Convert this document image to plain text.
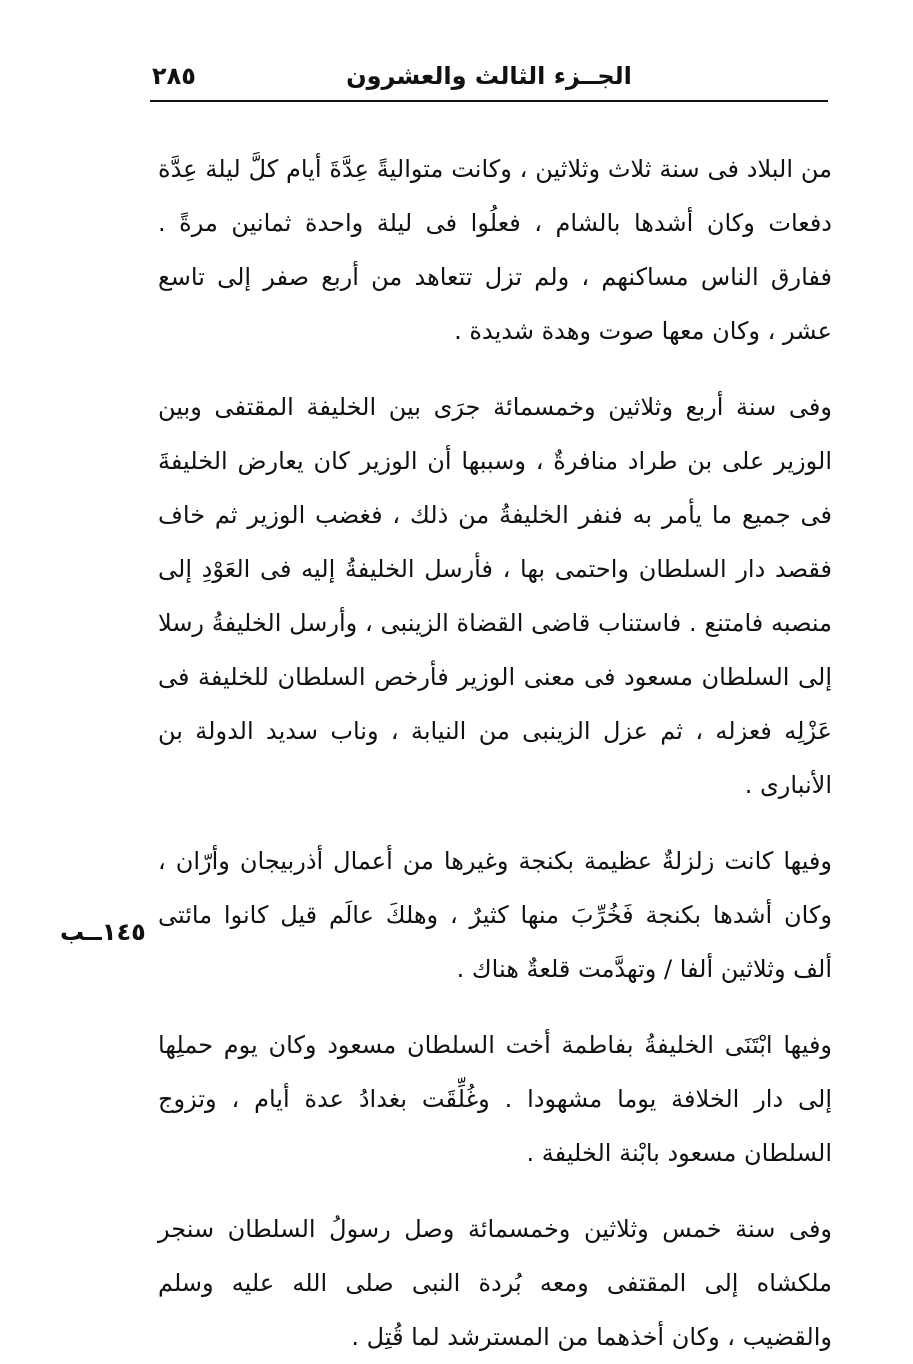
الجــزء الثالث والعشرون
٢٨٥

من البلاد فى سنة ثلاث وثلاثين ، وكانت متواليةً عِدَّةَ أيام كلَّ ليلة عِدَّة دفعات وكان أشدها بالشام ، فعلُوا فى ليلة واحدة ثمانين مرةً . ففارق الناس مساكنهم ، ولم تزل تتعاهد من أربع صفر إلى تاسع عشر ، وكان معها صوت وهدة شديدة .

وفى سنة أربع وثلاثين وخمسمائة جرَى بين الخليفة المقتفى وبين الوزير على بن طراد منافرةٌ ، وسببها أن الوزير كان يعارض الخليفةَ فى جميع ما يأمر به فنفر الخليفةُ من ذلك ، فغضب الوزير ثم خاف فقصد دار السلطان واحتمى بها ، فأرسل الخليفةُ إليه فى العَوْدِ إلى منصبه فامتنع . فاستناب قاضى القضاة الزينبى ، وأرسل الخليفةُ رسلا إلى السلطان مسعود فى معنى الوزير فأرخص السلطان للخليفة فى عَزْلِه فعزله ، ثم عزل الزينبى من النيابة ، وناب سديد الدولة بن الأنبارى .

وفيها كانت زلزلةٌ عظيمة بكنجة وغيرها من أعمال أذربيجان وأرّان ، وكان أشدها بكنجة فَخُرِّبَ منها كثيرٌ ، وهلكَ عالَم قيل كانوا مائتى ألف وثلاثين ألفا / وتهدَّمت قلعةٌ هناك .

وفيها ابْتَنَى الخليفةُ بفاطمة أخت السلطان مسعود وكان يوم حملِها إلى دار الخلافة يوما مشهودا . وغُلِّقَت بغدادُ عدة أيام ، وتزوج السلطان مسعود بابْنة الخليفة .

وفى سنة خمس وثلاثين وخمسمائة وصل رسولُ السلطان سنجر ملكشاه إلى المقتفى ومعه بُردة النبى صلى الله عليه وسلم والقضيب ، وكان أخذهما من المسترشد لما قُتِل .

١٤٥ــب
